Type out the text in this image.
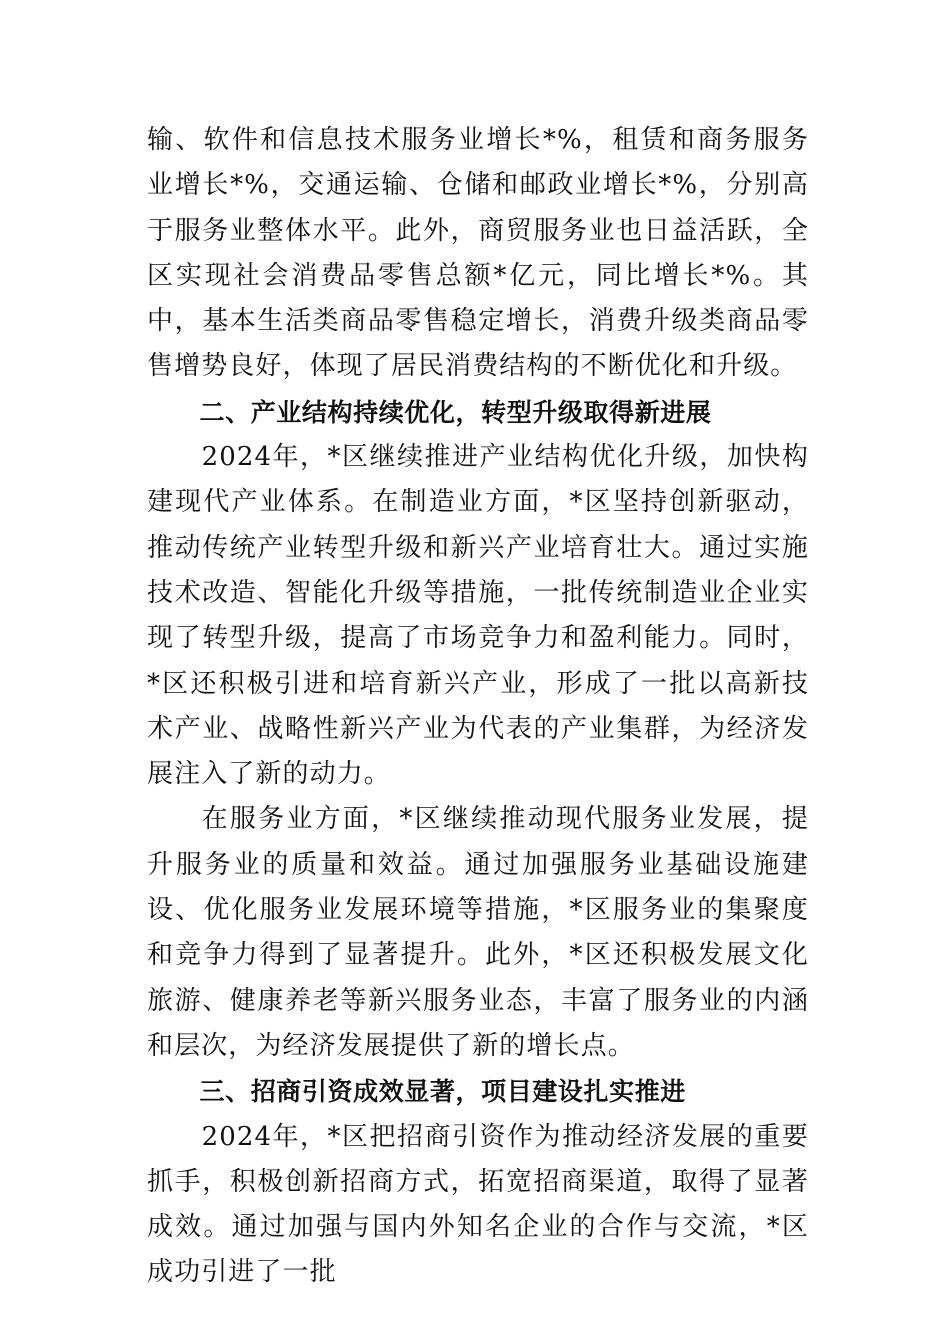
输、软件和信息技术服务业增长*%，租赁和商务服务业增长*%，交通运输、仓储和邮政业增长*%，分别高于服务业整体水平。此外，商贸服务业也日益活跃，全区实现社会消费品零售总额*亿元，同比增长*%。其中，基本生活类商品零售稳定增长，消费升级类商品零售增势良好，体现了居民消费结构的不断优化和升级。

二、产业结构持续优化，转型升级取得新进展

2024年，*区继续推进产业结构优化升级，加快构建现代产业体系。在制造业方面，*区坚持创新驱动，推动传统产业转型升级和新兴产业培育壮大。通过实施技术改造、智能化升级等措施，一批传统制造业企业实现了转型升级，提高了市场竞争力和盈利能力。同时，*区还积极引进和培育新兴产业，形成了一批以高新技术产业、战略性新兴产业为代表的产业集群，为经济发展注入了新的动力。

在服务业方面，*区继续推动现代服务业发展，提升服务业的质量和效益。通过加强服务业基础设施建设、优化服务业发展环境等措施，*区服务业的集聚度和竞争力得到了显著提升。此外，*区还积极发展文化旅游、健康养老等新兴服务业态，丰富了服务业的内涵和层次，为经济发展提供了新的增长点。

三、招商引资成效显著，项目建设扎实推进

2024年，*区把招商引资作为推动经济发展的重要抓手，积极创新招商方式，拓宽招商渠道，取得了显著成效。通过加强与国内外知名企业的合作与交流，*区成功引进了一批
